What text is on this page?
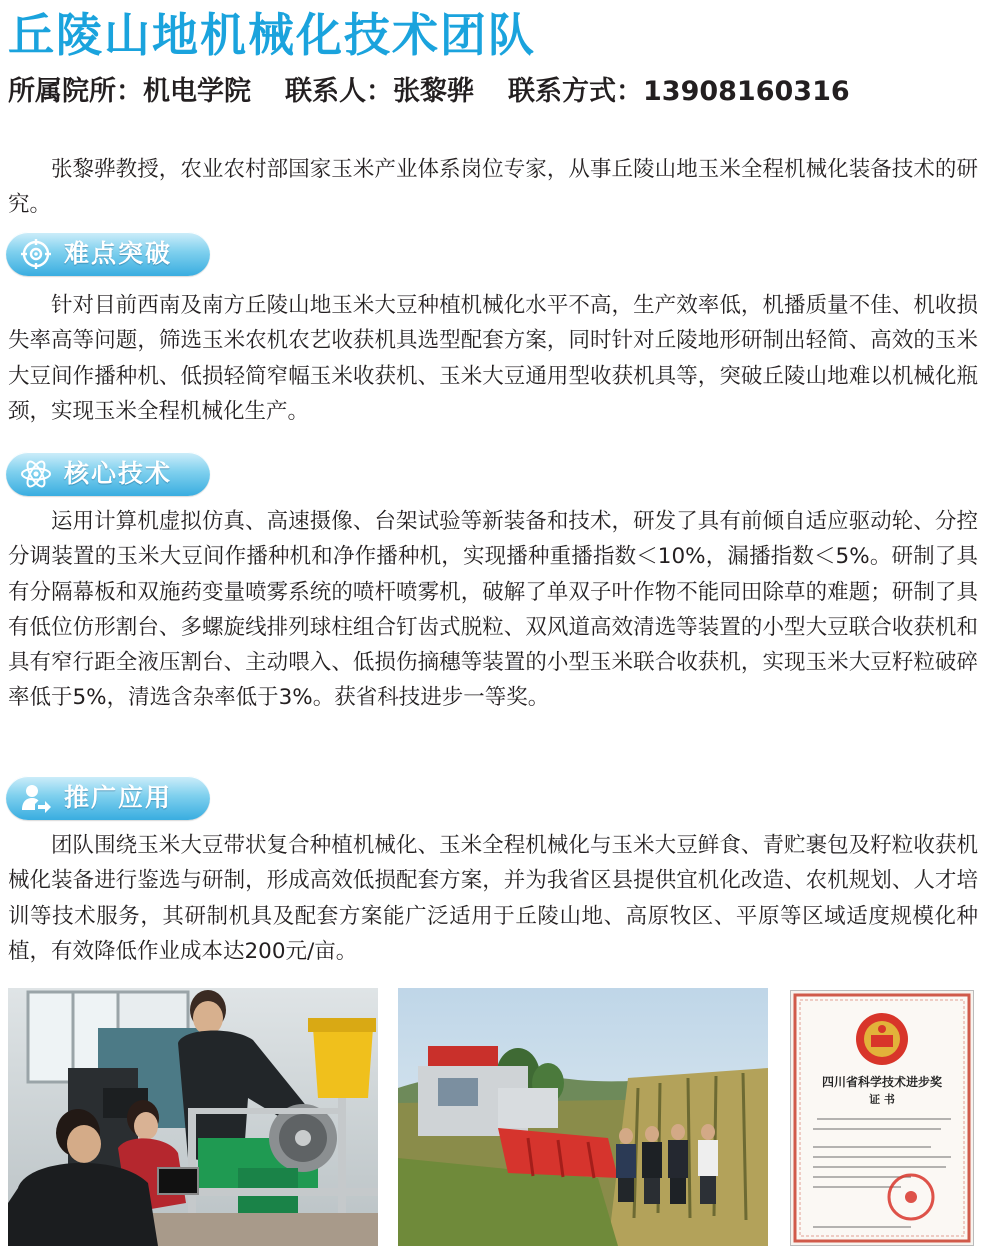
丘陵山地机械化技术团队

所属院所：机电学院 联系人：张黎骅 联系方式：13908160316

张黎骅教授，农业农村部国家玉米产业体系岗位专家，从事丘陵山地玉米全程机械化装备技术的研究。

难点突破

针对目前西南及南方丘陵山地玉米大豆种植机械化水平不高，生产效率低，机播质量不佳、机收损失率高等问题，筛选玉米农机农艺收获机具选型配套方案，同时针对丘陵地形研制出轻简、高效的玉米大豆间作播种机、低损轻简窄幅玉米收获机、玉米大豆通用型收获机具等，突破丘陵山地难以机械化瓶颈，实现玉米全程机械化生产。

核心技术

运用计算机虚拟仿真、高速摄像、台架试验等新装备和技术，研发了具有前倾自适应驱动轮、分控分调装置的玉米大豆间作播种机和净作播种机，实现播种重播指数＜10%，漏播指数＜5%。研制了具有分隔幕板和双施药变量喷雾系统的喷杆喷雾机，破解了单双子叶作物不能同田除草的难题；研制了具有低位仿形割台、多螺旋线排列球柱组合钉齿式脱粒、双风道高效清选等装置的小型大豆联合收获机和具有窄行距全液压割台、主动喂入、低损伤摘穗等装置的小型玉米联合收获机，实现玉米大豆籽粒破碎率低于5%，清选含杂率低于3%。获省科技进步一等奖。

推广应用

团队围绕玉米大豆带状复合种植机械化、玉米全程机械化与玉米大豆鲜食、青贮裹包及籽粒收获机械化装备进行鉴选与研制，形成高效低损配套方案，并为我省区县提供宜机化改造、农机规划、人才培训等技术服务，其研制机具及配套方案能广泛适用于丘陵山地、高原牧区、平原等区域适度规模化种植，有效降低作业成本达200元/亩。

四川省科学技术进步奖
证 书
